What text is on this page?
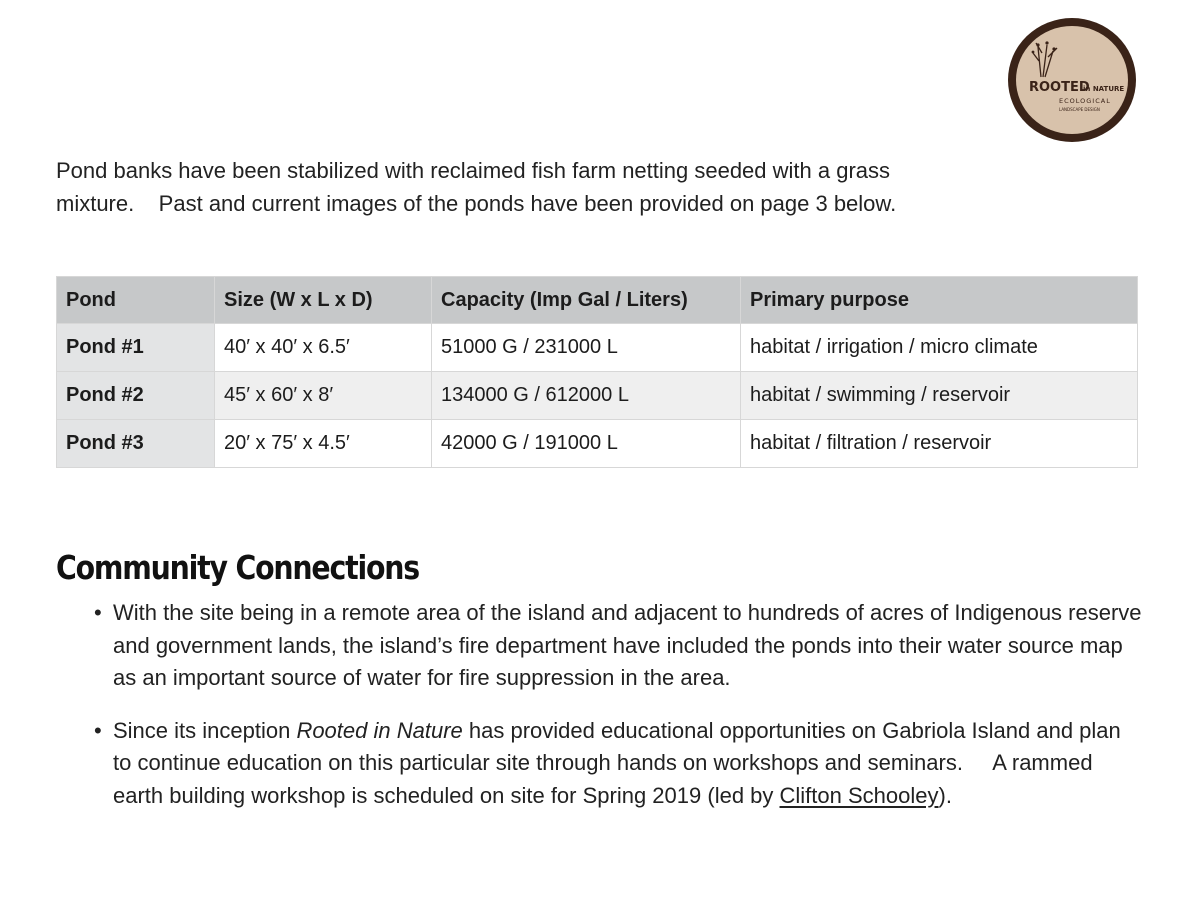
ROOTED
in NATURE
ECOLOGICAL
LANDSCAPE DESIGN

Pond banks have been stabilized with reclaimed fish farm netting seeded with a grass
mixture.    Past and current images of the ponds have been provided on page 3 below.

Pond	Size (W x L x D)	Capacity (Imp Gal / Liters)	Primary purpose
Pond #1	40′ x 40′ x 6.5′	51000 G / 231000 L	habitat / irrigation / micro climate
Pond #2	45′ x 60′ x 8′	134000 G / 612000 L	habitat / swimming / reservoir
Pond #3	20′ x 75′ x 4.5′	42000 G / 191000 L	habitat / filtration / reservoir
Community Connections
• With the site being in a remote area of the island and adjacent to hundreds of acres of Indigenous reserve and government lands, the island’s fire department have included the ponds into their water source map as an important source of water for fire suppression in the area.
• Since its inception Rooted in Nature has provided educational opportunities on Gabriola Island and plan to continue education on this particular site through hands on workshops and seminars.     A rammed earth building workshop is scheduled on site for Spring 2019 (led by Clifton Schooley).
